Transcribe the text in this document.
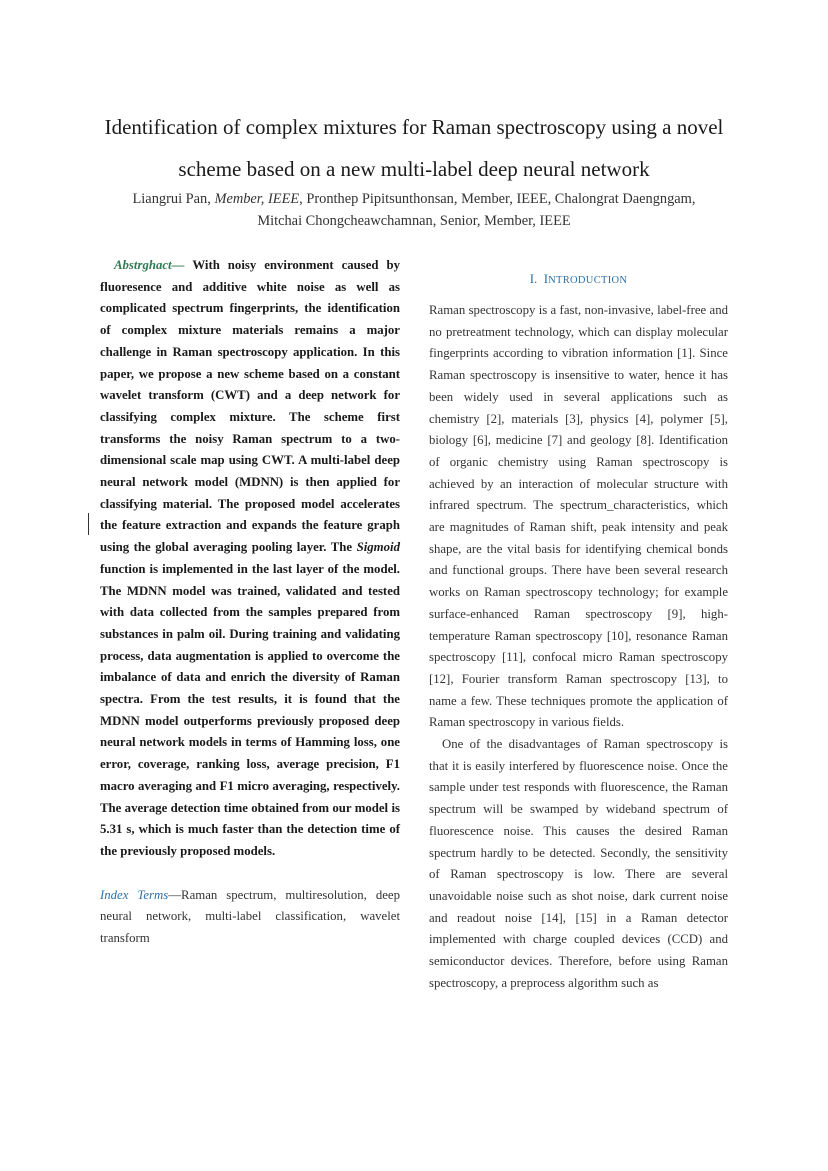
Identification of complex mixtures for Raman spectroscopy using a novel
scheme based on a new multi-label deep neural network
Liangrui Pan, Member, IEEE, Pronthep Pipitsunthonsan, Member, IEEE, Chalongrat Daengngam,
Mitchai Chongcheawchamnan, Senior, Member, IEEE

Abstrghact— With noisy environment caused by fluoresence and additive white noise as well as complicated spectrum fingerprints, the identification of complex mixture materials remains a major challenge in Raman spectroscopy application. In this paper, we propose a new scheme based on a constant wavelet transform (CWT) and a deep network for classifying complex mixture. The scheme first transforms the noisy Raman spectrum to a two-dimensional scale map using CWT. A multi-label deep neural network model (MDNN) is then applied for classifying material. The proposed model accelerates the feature extraction and expands the feature graph using the global averaging pooling layer. The Sigmoid function is implemented in the last layer of the model. The MDNN model was trained, validated and tested with data collected from the samples prepared from substances in palm oil. During training and validating process, data augmentation is applied to overcome the imbalance of data and enrich the diversity of Raman spectra. From the test results, it is found that the MDNN model outperforms previously proposed deep neural network models in terms of Hamming loss, one error, coverage, ranking loss, average precision, F1 macro averaging and F1 micro averaging, respectively. The average detection time obtained from our model is 5.31 s, which is much faster than the detection time of the previously proposed models.

Index Terms—Raman spectrum, multiresolution, deep neural network, multi-label classification, wavelet transform

I. INTRODUCTION

Raman spectroscopy is a fast, non-invasive, label-free and no pretreatment technology, which can display molecular fingerprints according to vibration information [1]. Since Raman spectroscopy is insensitive to water, hence it has been widely used in several applications such as chemistry [2], materials [3], physics [4], polymer [5], biology [6], medicine [7] and geology [8]. Identification of organic chemistry using Raman spectroscopy is achieved by an interaction of molecular structure with infrared spectrum. The spectrum_characteristics, which are magnitudes of Raman shift, peak intensity and peak shape, are the vital basis for identifying chemical bonds and functional groups. There have been several research works on Raman spectroscopy technology; for example surface-enhanced Raman spectroscopy [9], high-temperature Raman spectroscopy [10], resonance Raman spectroscopy [11], confocal micro Raman spectroscopy [12], Fourier transform Raman spectroscopy [13], to name a few. These techniques promote the application of Raman spectroscopy in various fields.

One of the disadvantages of Raman spectroscopy is that it is easily interfered by fluorescence noise. Once the sample under test responds with fluorescence, the Raman spectrum will be swamped by wideband spectrum of fluorescence noise. This causes the desired Raman spectrum hardly to be detected. Secondly, the sensitivity of Raman spectroscopy is low. There are several unavoidable noise such as shot noise, dark current noise and readout noise [14], [15] in a Raman detector implemented with charge coupled devices (CCD) and semiconductor devices. Therefore, before using Raman spectroscopy, a preprocess algorithm such as
